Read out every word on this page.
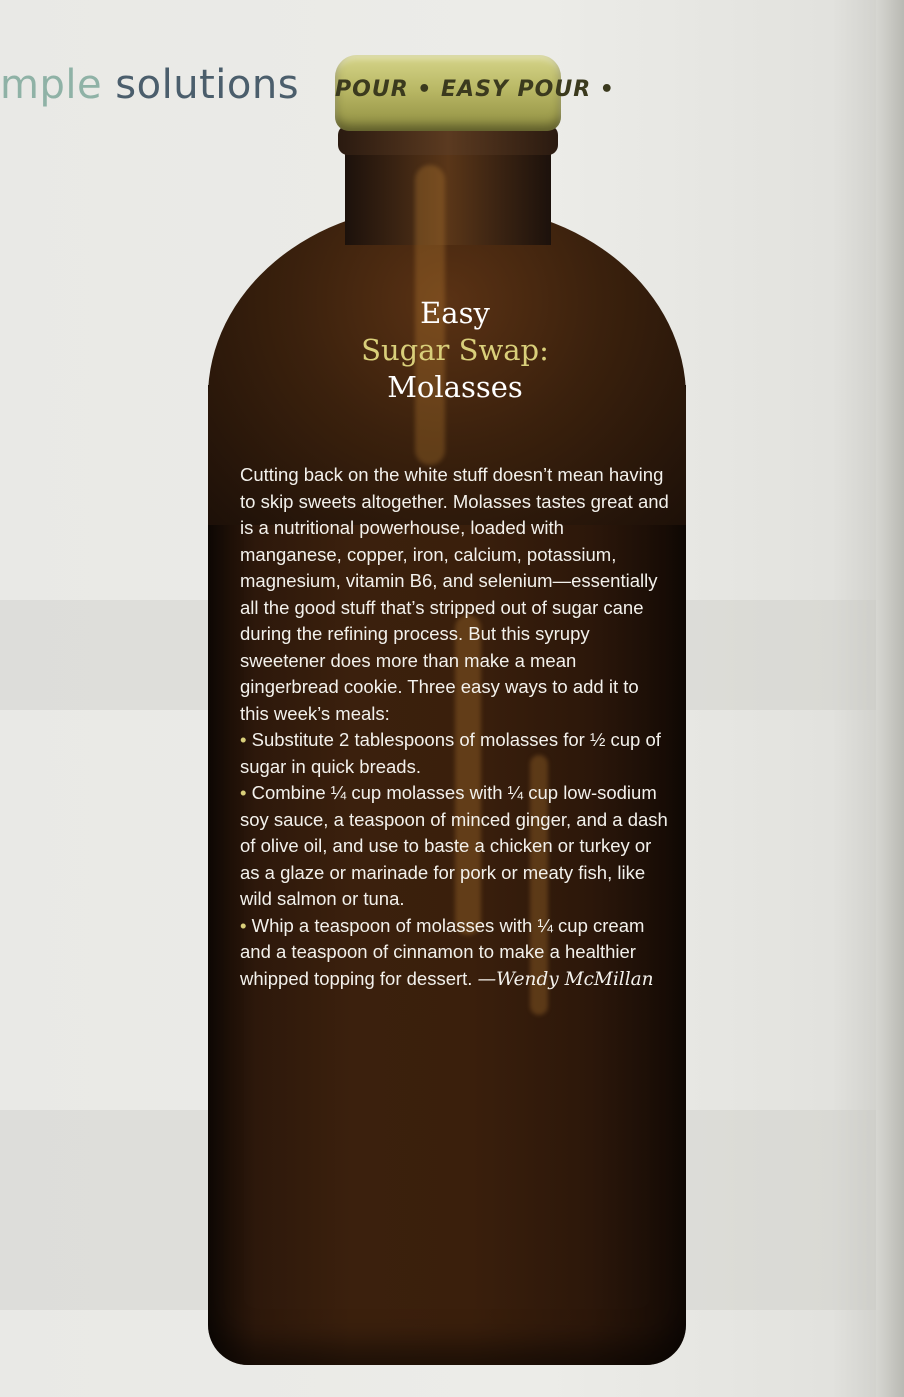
mple solutions POUR • EASY POUR •
Easy
Sugar Swap:
Molasses

Cutting back on the white stuff doesn’t mean having to skip sweets altogether. Molasses tastes great and is a nutritional powerhouse, loaded with manganese, copper, iron, calcium, potassium, magnesium, vitamin B6, and selenium—essentially all the good stuff that’s stripped out of sugar cane during the refining process. But this syrupy sweetener does more than make a mean gingerbread cookie. Three easy ways to add it to this week’s meals:

• Substitute 2 tablespoons of molasses for ½ cup of sugar in quick breads.

• Combine ¼ cup molasses with ¼ cup low-sodium soy sauce, a teaspoon of minced ginger, and a dash of olive oil, and use to baste a chicken or turkey or as a glaze or marinade for pork or meaty fish, like wild salmon or tuna.

• Whip a teaspoon of molasses with ¼ cup cream and a teaspoon of cinnamon to make a healthier whipped topping for dessert. —Wendy McMillan
